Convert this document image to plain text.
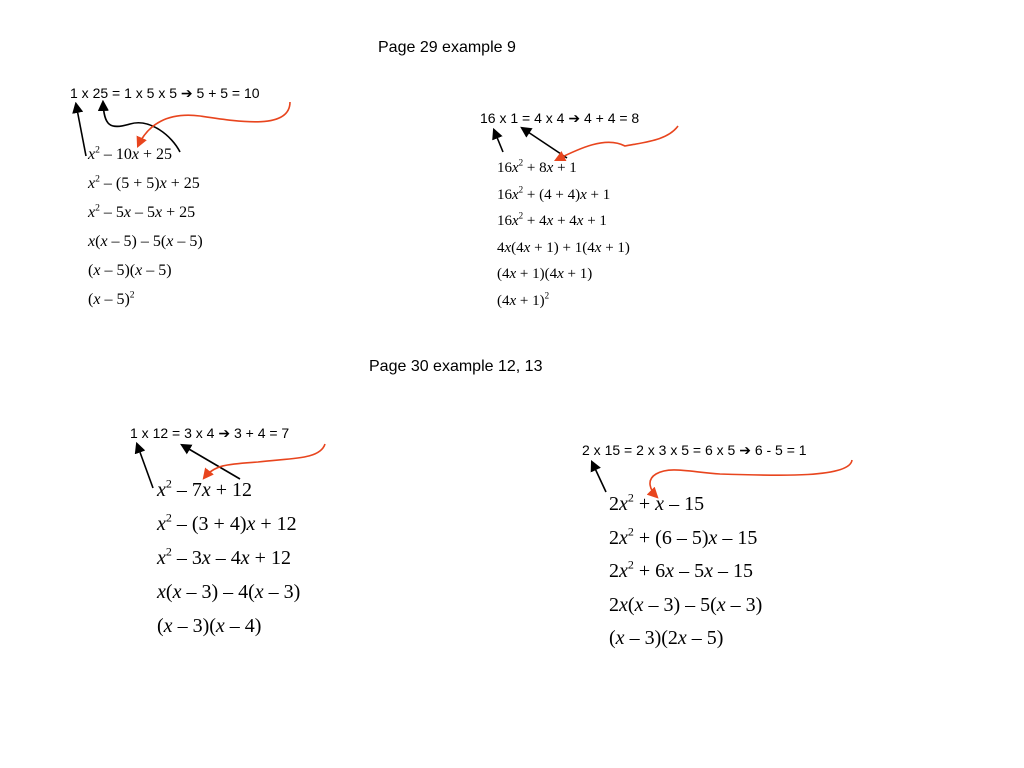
Page 29 example 9
Page 30 example 12, 13
1 x 25 = 1 x 5 x 5 ➔ 5 + 5 = 10
16 x 1 = 4 x 4 ➔ 4 + 4 = 8
1 x 12 = 3 x 4 ➔ 3 + 4 = 7
2 x 15 = 2 x 3 x 5 = 6 x 5 ➔ 6 - 5 = 1
$x^2 - 10x + 25$
$x^2 - (5 + 5)x + 25$
$x^2 - 5x - 5x + 25$
x(x – 5) – 5(x – 5)
(x – 5)(x – 5)
(x – 5)$^2$
$16x^2 + 8x + 1$
$16x^2 + (4 + 4)x + 1$
$16x^2 + 4x + 4x + 1$
4x(4x + 1) + 1(4x + 1)
(4x + 1)(4x + 1)
$(4x + 1)^2$
$x^2 - 7x + 12$
$x^2 - (3 + 4)x + 12$
$x^2 - 3x - 4x + 12$
x(x – 3) – 4(x – 3)
(x – 3)(x – 4)
$2x^2 + x - 15$
$2x^2 + (6 - 5)x - 15$
$2x^2 + 6x - 5x - 15$
2x(x – 3) – 5(x – 3)
(x – 3)(2x – 5)
